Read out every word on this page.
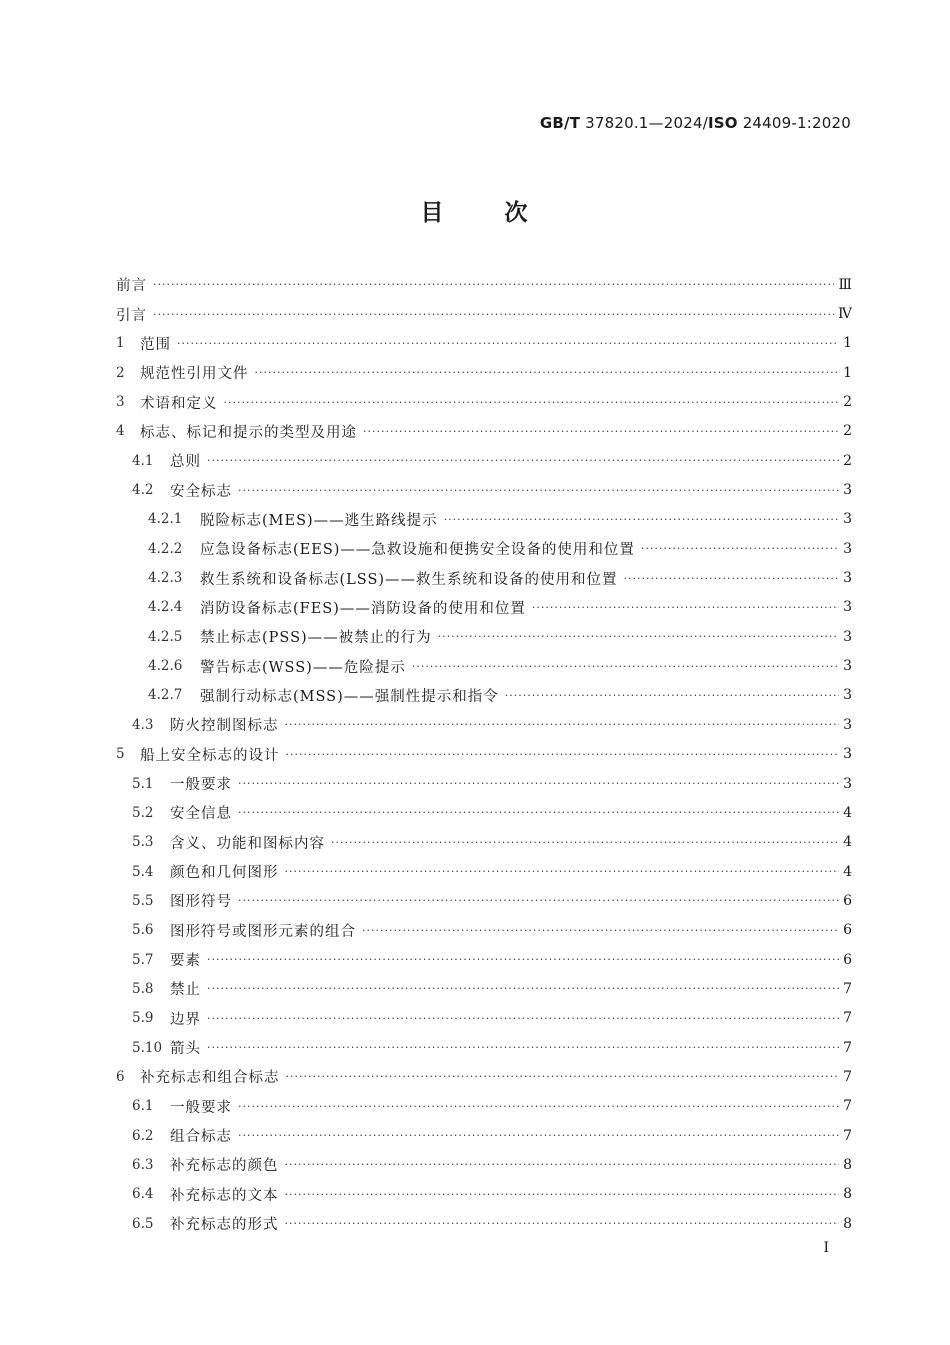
GB/T 37820.1—2024/ISO 24409-1:2020
目	次
前言 ·····	Ⅲ
引言 ·····	Ⅳ
1	范围 ·····	1
2	规范性引用文件 ·····	1
3	术语和定义 ·····	2
4	标志、标记和提示的类型及用途 ·····	2
4.1	总则 ·····	2
4.2	安全标志 ·····	3
4.2.1	脱险标志(MES)——逃生路线提示 ·····	3
4.2.2	应急设备标志(EES)——急救设施和便携安全设备的使用和位置 ·····	3
4.2.3	救生系统和设备标志(LSS)——救生系统和设备的使用和位置 ·····	3
4.2.4	消防设备标志(FES)——消防设备的使用和位置 ·····	3
4.2.5	禁止标志(PSS)——被禁止的行为 ·····	3
4.2.6	警告标志(WSS)——危险提示 ·····	3
4.2.7	强制行动标志(MSS)——强制性提示和指令 ·····	3
4.3	防火控制图标志 ·····	3
5	船上安全标志的设计 ·····	3
5.1	一般要求 ·····	3
5.2	安全信息 ·····	4
5.3	含义、功能和图标内容 ·····	4
5.4	颜色和几何图形 ·····	4
5.5	图形符号 ·····	6
5.6	图形符号或图形元素的组合 ·····	6
5.7	要素 ·····	6
5.8	禁止 ·····	7
5.9	边界 ·····	7
5.10 箭头 ·····	7
6	补充标志和组合标志 ·····	7
6.1	一般要求 ·····	7
6.2	组合标志 ·····	7
6.3	补充标志的颜色 ·····	8
6.4	补充标志的文本 ·····	8
6.5	补充标志的形式 ·····	8
I
